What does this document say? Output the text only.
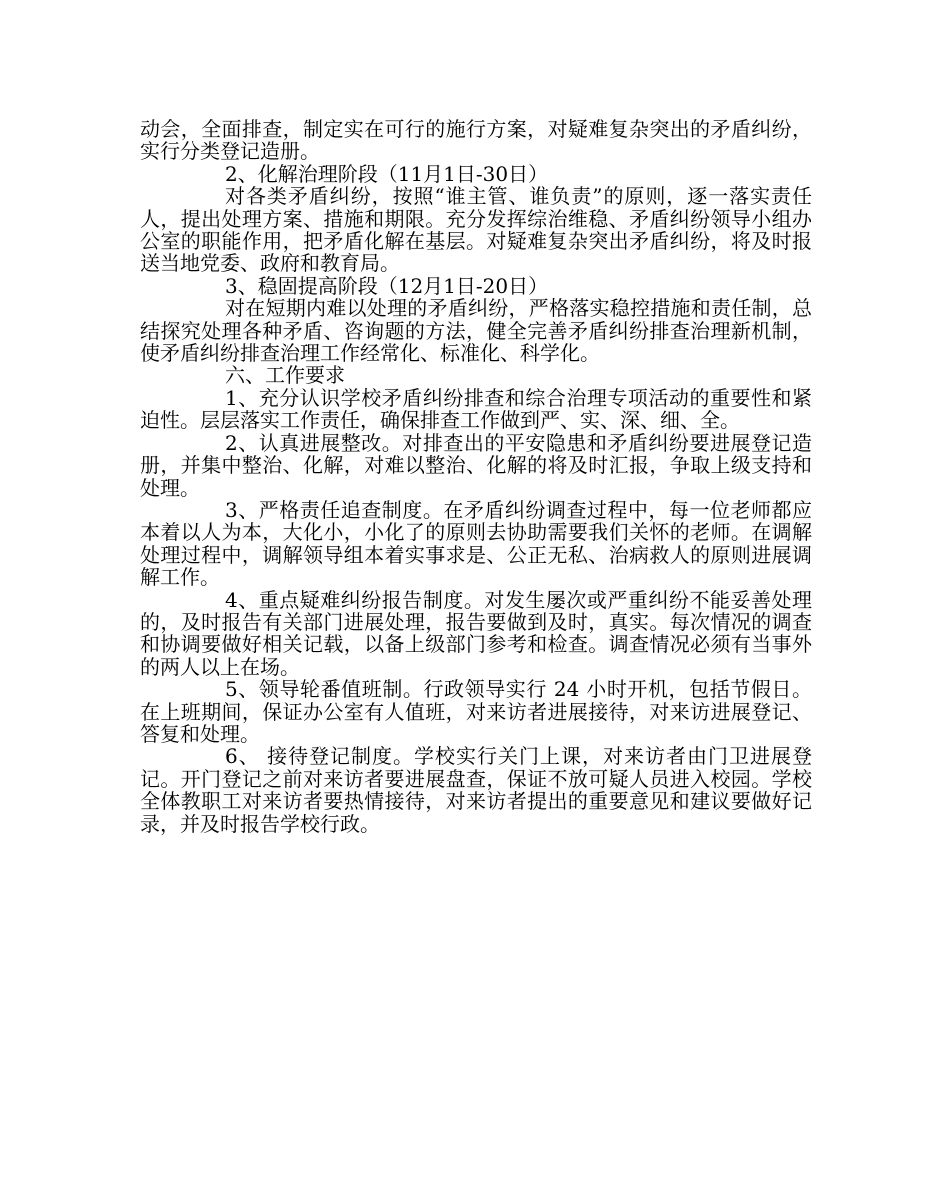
动会，全面排查，制定实在可行的施行方案，对疑难复杂突出的矛盾纠纷，实行分类登记造册。

2、化解治理阶段（11月1日-30日）

对各类矛盾纠纷，按照“谁主管、谁负责”的原则，逐一落实责任人，提出处理方案、措施和期限。充分发挥综治维稳、矛盾纠纷领导小组办公室的职能作用，把矛盾化解在基层。对疑难复杂突出矛盾纠纷，将及时报送当地党委、政府和教育局。

3、稳固提高阶段（12月1日-20日）

对在短期内难以处理的矛盾纠纷，严格落实稳控措施和责任制，总结探究处理各种矛盾、咨询题的方法，健全完善矛盾纠纷排查治理新机制，使矛盾纠纷排查治理工作经常化、标准化、科学化。

六、工作要求

1、充分认识学校矛盾纠纷排查和综合治理专项活动的重要性和紧迫性。层层落实工作责任，确保排查工作做到严、实、深、细、全。

2、认真进展整改。对排查出的平安隐患和矛盾纠纷要进展登记造册，并集中整治、化解，对难以整治、化解的将及时汇报，争取上级支持和处理。

3、严格责任追查制度。在矛盾纠纷调查过程中，每一位老师都应本着以人为本，大化小，小化了的原则去协助需要我们关怀的老师。在调解处理过程中，调解领导组本着实事求是、公正无私、治病救人的原则进展调解工作。

4、重点疑难纠纷报告制度。对发生屡次或严重纠纷不能妥善处理的，及时报告有关部门进展处理，报告要做到及时，真实。每次情况的调查和协调要做好相关记载，以备上级部门参考和检查。调查情况必须有当事外的两人以上在场。

5、领导轮番值班制。行政领导实行 24 小时开机，包括节假日。在上班期间，保证办公室有人值班，对来访者进展接待，对来访进展登记、答复和处理。

6、 接待登记制度。学校实行关门上课，对来访者由门卫进展登记。开门登记之前对来访者要进展盘查，保证不放可疑人员进入校园。学校全体教职工对来访者要热情接待，对来访者提出的重要意见和建议要做好记录，并及时报告学校行政。
